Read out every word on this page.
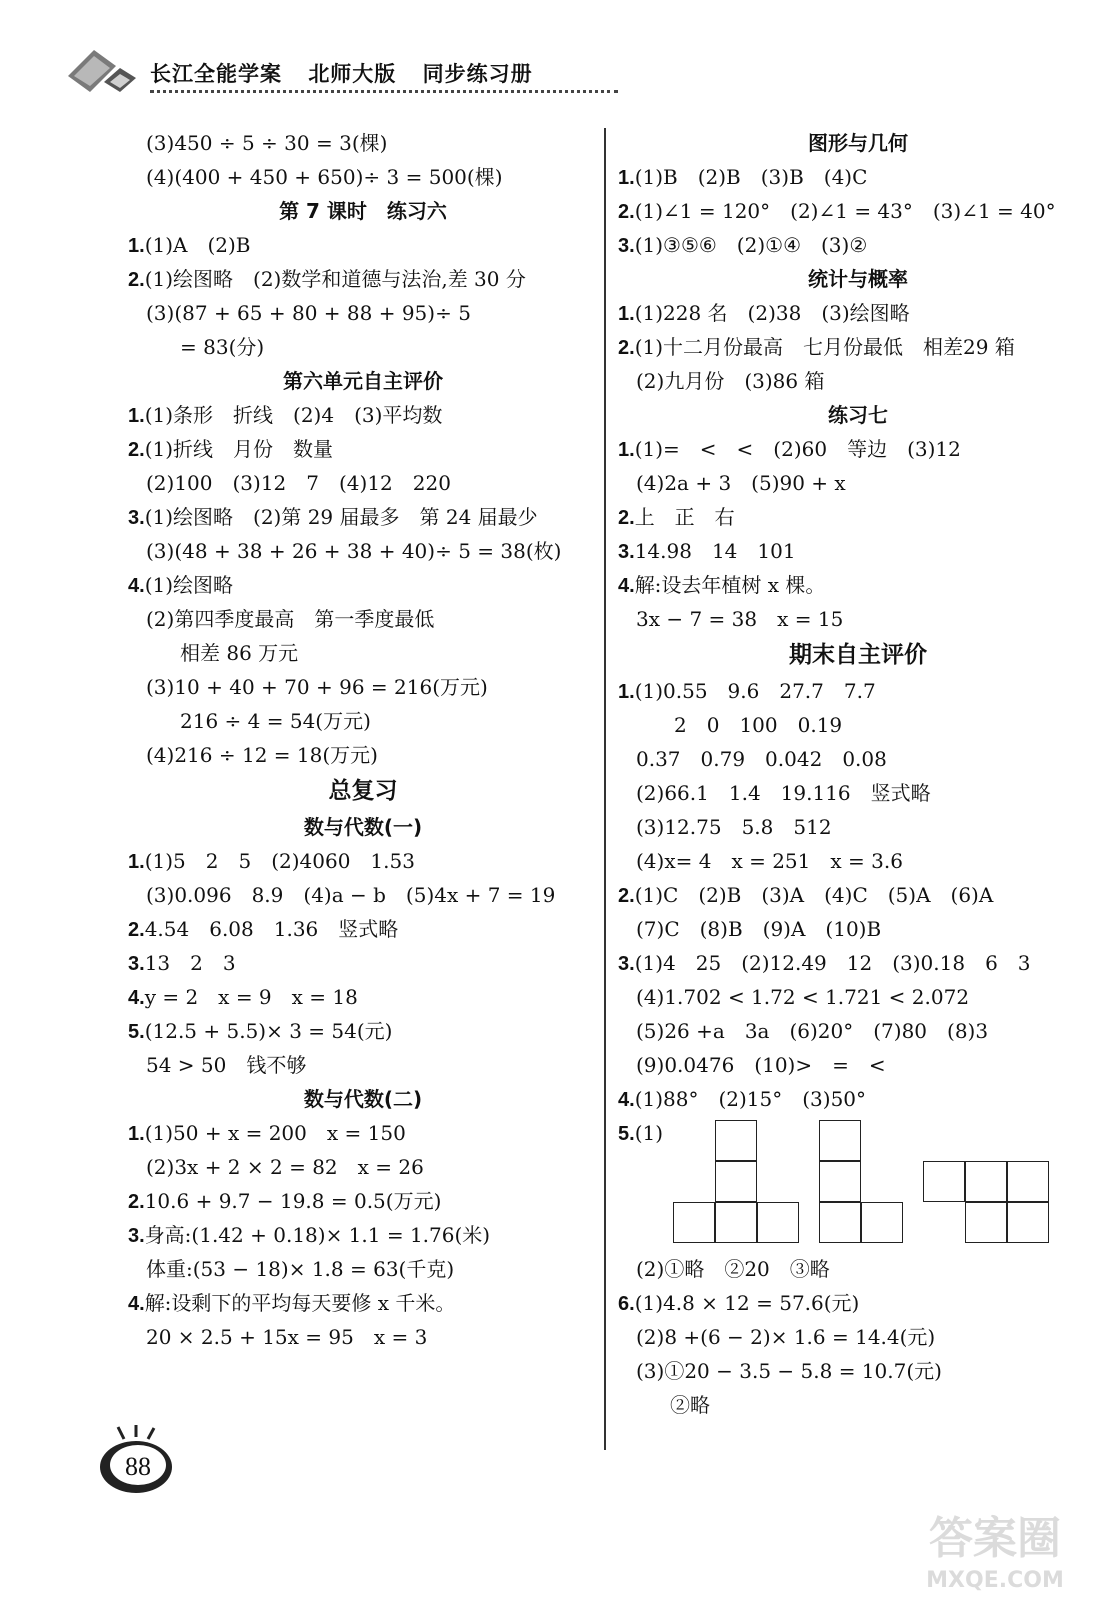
长江全能学案 北师大版 同步练习册
(3)450 ÷ 5 ÷ 30 = 3(棵)
(4)(400 + 450 + 650)÷ 3 = 500(棵)
第 7 课时　练习六
1.(1)A　(2)B
2.(1)绘图略　(2)数学和道德与法治,差 30 分
(3)(87 + 65 + 80 + 88 + 95)÷ 5
= 83(分)
第六单元自主评价
1.(1)条形　折线　(2)4　(3)平均数
2.(1)折线　月份　数量
(2)100　(3)12　7　(4)12　220
3.(1)绘图略　(2)第 29 届最多　第 24 届最少
(3)(48 + 38 + 26 + 38 + 40)÷ 5 = 38(枚)
4.(1)绘图略
(2)第四季度最高　第一季度最低
相差 86 万元
(3)10 + 40 + 70 + 96 = 216(万元)
216 ÷ 4 = 54(万元)
(4)216 ÷ 12 = 18(万元)
总复习
数与代数(一)
1.(1)5　2　5　(2)4060　1.53
(3)0.096　8.9　(4)a − b　(5)4x + 7 = 19
2.4.54　6.08　1.36　竖式略
3.13　2　3
4.y = 2　x = 9　x = 18
5.(12.5 + 5.5)× 3 = 54(元)
54 > 50　钱不够
数与代数(二)
1.(1)50 + x = 200　x = 150
(2)3x + 2 × 2 = 82　x = 26
2.10.6 + 9.7 − 19.8 = 0.5(万元)
3.身高:(1.42 + 0.18)× 1.1 = 1.76(米)
体重:(53 − 18)× 1.8 = 63(千克)
4.解:设剩下的平均每天要修 x 千米。
20 × 2.5 + 15x = 95　x = 3
图形与几何
1.(1)B　(2)B　(3)B　(4)C
2.(1)∠1 = 120°　(2)∠1 = 43°　(3)∠1 = 40°
3.(1)③⑤⑥　(2)①④　(3)②
统计与概率
1.(1)228 名　(2)38　(3)绘图略
2.(1)十二月份最高　七月份最低　相差29 箱
(2)九月份　(3)86 箱
练习七
1.(1)=　<　<　(2)60　等边　(3)12
(4)2a + 3　(5)90 + x
2.上　正　右
3.14.98　14　101
4.解:设去年植树 x 棵。
3x − 7 = 38　x = 15
期末自主评价
1.(1)0.55　9.6　27.7　7.7
2　0　100　0.19
0.37　0.79　0.042　0.08
(2)66.1　1.4　19.116　竖式略
(3)12.75　5.8　512
(4)x= 4　x = 251　x = 3.6
2.(1)C　(2)B　(3)A　(4)C　(5)A　(6)A
(7)C　(8)B　(9)A　(10)B
3.(1)4　25　(2)12.49　12　(3)0.18　6　3
(4)1.702 < 1.72 < 1.721 < 2.072
(5)26 +a　3a　(6)20°　(7)80　(8)3
(9)0.0476　(10)>　=　<
4.(1)88°　(2)15°　(3)50°
5.(1)
(2)①略　②20　③略
6.(1)4.8 × 12 = 57.6(元)
(2)8 +(6 − 2)× 1.6 = 14.4(元)
(3)①20 − 3.5 − 5.8 = 10.7(元)
②略
88
答案圈
MXQE.COM
